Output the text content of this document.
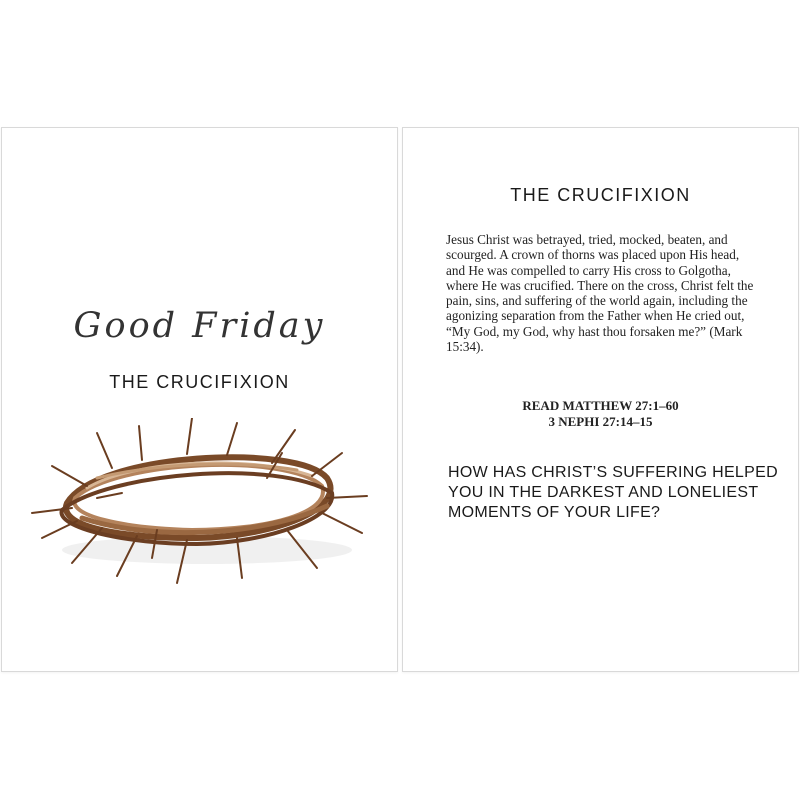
Good Friday
THE CRUCIFIXION
THE CRUCIFIXION
Jesus Christ was betrayed, tried, mocked, beaten, and scourged. A crown of thorns was placed upon His head, and He was compelled to carry His cross to Golgotha, where He was crucified. There on the cross, Christ felt the pain, sins, and suffering of the world again, including the agonizing separation from the Father when He cried out, “My God, my God, why hast thou forsaken me?” (Mark 15:34).
READ MATTHEW 27:1–60
3 NEPHI 27:14–15
HOW HAS CHRIST’S SUFFERING HELPED YOU IN THE DARKEST AND LONELIEST MOMENTS OF YOUR LIFE?
